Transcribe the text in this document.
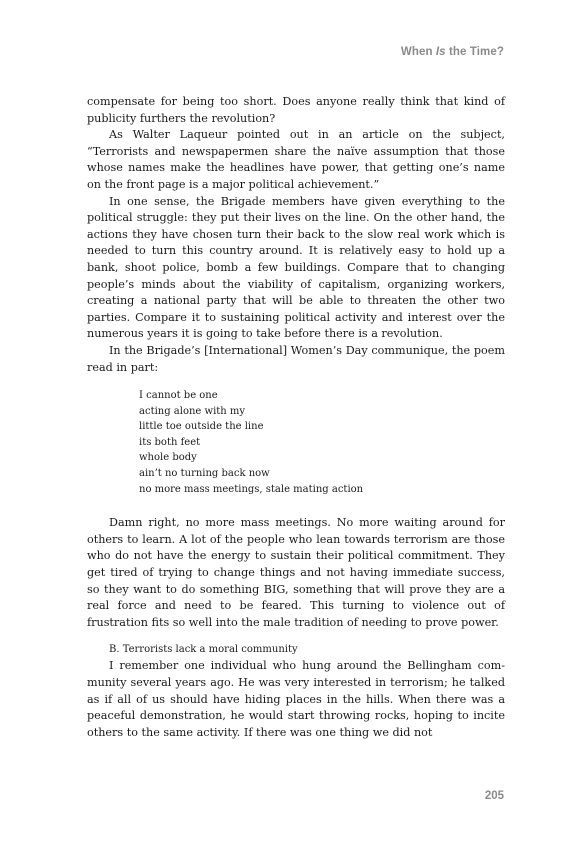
When Is the Time?

compensate for being too short. Does anyone really think that kind of publicity furthers the revolution?

As Walter Laqueur pointed out in an article on the subject, “Terrorists and newspapermen share the naïve assumption that those whose names make the headlines have power, that getting one’s name on the front page is a major political achievement.”

In one sense, the Brigade members have given everything to the political struggle: they put their lives on the line. On the other hand, the actions they have chosen turn their back to the slow real work which is needed to turn this country around. It is relatively easy to hold up a bank, shoot police, bomb a few buildings. Compare that to changing people’s minds about the viability of capitalism, organizing workers, creating a national party that will be able to threaten the other two parties. Compare it to sustaining political activity and interest over the numerous years it is going to take before there is a revolution.

In the Brigade’s [International] Women’s Day communique, the poem read in part:

I cannot be one
acting alone with my
little toe outside the line
its both feet
whole body
ain’t no turning back now
no more mass meetings, stale mating action

Damn right, no more mass meetings. No more waiting around for others to learn. A lot of the people who lean towards terrorism are those who do not have the energy to sustain their political commitment. They get tired of trying to change things and not having immediate success, so they want to do something BIG, something that will prove they are a real force and need to be feared. This turning to violence out of frustration fits so well into the male tradition of needing to prove power.

B. Terrorists lack a moral community

I remember one individual who hung around the Bellingham community several years ago. He was very interested in terrorism; he talked as if all of us should have hiding places in the hills. When there was a peaceful demonstration, he would start throwing rocks, hoping to incite others to the same activity. If there was one thing we did not

205
